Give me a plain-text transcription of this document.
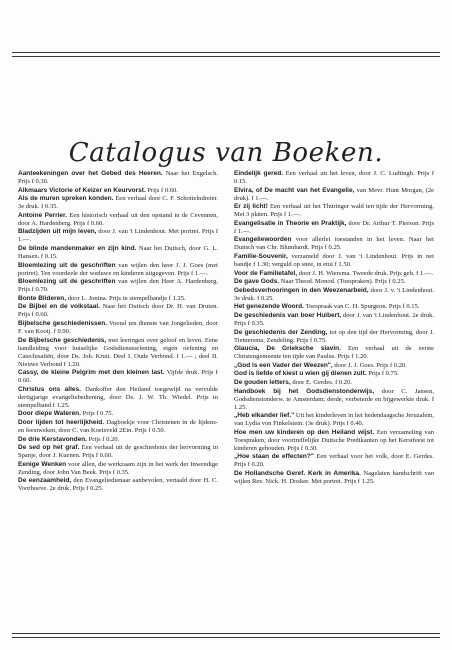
Catalogus van Boeken.
Aanteekeningen over het Gebed des Heeren. Naar het Engelsch. Prijs f 0.30.
Alkmaars Victorie of Keizer en Keurvorst. Prijs f 0.60.
Als de muren spreken konden. Een verhaal door C. F. Schottelndreier. 3e druk. f 0.35.
Antoine Perrier. Een historisch verhaal uit den opstand in de Cevennen, door A. Hardenberg. Prijs f 0.60.
Bladzijden uit mijn leven, door J. van 't Lindenhout. Met portret. Prijs f 1.—.
De blinde mandenmaker en zijn kind. Naar het Duitsch, door G. L. Hansen. f 0.15.
Bloemlezing uit de geschriften van wijlen den heer J. J. Goes (met portret). Ten voordeele der weduwe en kinderen uitgegeven. Prijs f 1.—.
Bloemlezing uit de geschriften van wijlen den Heer A. Hardenberg. Prijs f 0.70.
Bonte Blideren, door L. Jonina. Prijs in stempelbandje f 1.25.
De Bijbel en de volkstaal. Naar het Duitsch door Dr. H. van Druten. Prijs f 0.60.
Bijbelsche geschiedenissen. Vooral ten dienste van Jongelieden, door F. van Kooij. f 0.90.
De Bijbelsche geschiedenis, met leeringen over geloof en leven. Eene handleiding voor huiselijke Godsdienstoefening, eigen oefening en Catechisatiën, door Ds. Joh. Kruit. Deel I. Oude Verbond. f 1.— ; deel II. Nieuwe Verbond f 1.20.
Cassy, de kleine Pelgrim met den kleinen last. Vijfde druk. Prijs f 0.60.
Christus ons alles. Dankoffer den Heiland toegewijd na vervulde dertigjarige evangeliebediening, door Ds. J. W. Th. Wiedel. Prijs in stempelband f 1.25.
Door diepe Wateren. Prijs f 0.75.
Door lijden tot heerlijkheid. Dagboekje voor Christenen in de lijdens- en feestweken, door C. van Koetsveld 2Ein. Prijs f 0.50.
De drie Kerstavonden. Prijs f 0.20.
De sed op het graf. Een verhaal uit de geschiedenis der hervorming in Spanje, door J. Kuenen. Prijs f 0.60.
Eenige Wenken voor allen, die werkzaam zijn in het werk der Inwendige Zending, door John Van Beek. Prijs f 0.35.
De eenzaamheid, den Evangeliedienaar aanbevolen, vertaald door H. C. Voorhoeve. 2e druk. Prijs f 0.25.
Eindelijk gered. Een verhaal uit het leven, door J. C. Ludtingh. Prijs f 0.15.
Elvira, of De macht van het Evangelie, van Mevr. Hunt Morgan, (2e druk). f 1.—.
Er zij licht! Een verhaal uit het Thüringer wald ten tijde der Hervorming. Met 3 platen. Prijs f 1.—.
Evangelisatie in Theorie en Praktijk, door Dr. Arthur T. Pierson. Prijs f 1.—.
Evangeliewoorden voor allerlei toestanden in het leven. Naar het Duitsch van Chr. Blumhardt. Prijs f 0.25.
Familie-Souvenir, verzameld door J. van 't Lindenhout. Prijs in net bandje f 1.30; verguld op snee, in etui f 1.50.
Voor de Familietafel, door J. H. Wiersma. Tweede druk. Prijs geb. f 1.—.
De gave Gods. Naar Theod. Monod. (Toespraken). Prijs f 0.25.
Gebedsverhooringen in den Weezenarbeid, door J. v. 't Lindenhout. 3e druk. f 0.25.
Het genezende Woord. Toespraak van C. H. Spurgeon. Prijs f 0.15.
De geschiedenis van boer Huibert, door J. van 't Lindenhout. 2e druk. Prijs f 0.35.
De geschiedenis der Zending, tot op den tijd der Hervorming, door J. Tiemersma, Zendeling. Prijs f 0.75.
Glaucia, De Grieksche slavin. Een verhaal uit de eerste Christengemeente ten tijde van Paulus. Prijs f 1.20.
„God is een Vader der Weezen", door J. J. Goes. Prijs f 0.20.
God is liefde of kiest u wien gij dienen zult. Prijs f 0.75.
De gouden letters, door E. Gerdes. f 0.20.
Handboek bij het Godsdienstonderwijs, door C. Jansen, Godsdienstonderw. te Amsterdam; derde, verbeterde en bijgewerkte druk. f 1.25.
„Heb elkander lief." Uit het kinderleven in het hedendaagsche Jeruzalem, van Lydia von Finkelstein. (3e druk). Prijs f 0.40.
Hoe men uw kinderen op den Heiland wijst. Een verzameling van Toespraken, door voortreffelijke Duitsche Predikanten op het Kerstfeest tot kinderen gehouden. Prijs f 0.30.
„Hoe staan de effecten?" Een verhaal voor het volk, door E. Gerdes. Prijs f 0.20.
De Hollandsche Geref. Kerk in Amerika. Nagelaten handschrift van wijlen Rev. Nick. H. Dosker. Met portret. Prijs f 1.25.
